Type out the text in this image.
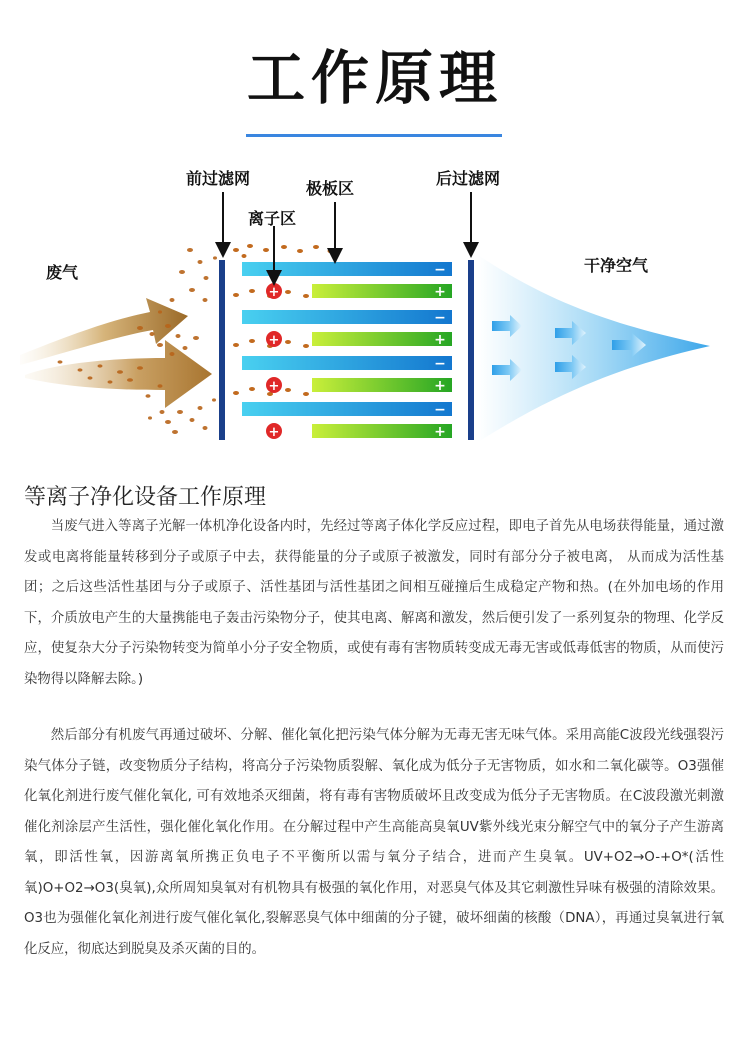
工作原理
−
+
−
+
−
+
−
+
+
+
+
+
前过滤网
极板区
离子区
后过滤网
废气	干净空气
等离子净化设备工作原理
当废气进入等离子光解一体机净化设备内时，先经过等离子体化学反应过程，即电子首先从电场获得能量，通过激发或电离将能量转移到分子或原子中去，获得能量的分子或原子被激发，同时有部分分子被电离， 从而成为活性基团；之后这些活性基团与分子或原子、活性基团与活性基团之间相互碰撞后生成稳定产物和热。(在外加电场的作用下，介质放电产生的大量携能电子轰击污染物分子，使其电离、解离和激发，然后便引发了一系列复杂的物理、化学反应，使复杂大分子污染物转变为简单小分子安全物质，或使有毒有害物质转变成无毒无害或低毒低害的物质，从而使污染物得以降解去除。)
然后部分有机废气再通过破坏、分解、催化氧化把污染气体分解为无毒无害无味气体。采用高能C波段光线强裂污染气体分子链，改变物质分子结构，将高分子污染物质裂解、氧化成为低分子无害物质，如水和二氧化碳等。O3强催化氧化剂进行废气催化氧化, 可有效地杀灭细菌，将有毒有害物质破坏且改变成为低分子无害物质。在C波段激光刺激催化剂涂层产生活性，强化催化氧化作用。在分解过程中产生高能高臭氧UV紫外线光束分解空气中的氧分子产生游离氧，即活性氧，因游离氧所携正负电子不平衡所以需与氧分子结合，进而产生臭氧。UV+O2→O-+O*(活性氧)O+O2→O3(臭氧),众所周知臭氧对有机物具有极强的氧化作用，对恶臭气体及其它刺激性异味有极强的清除效果。O3也为强催化氧化剂进行废气催化氧化,裂解恶臭气体中细菌的分子键，破坏细菌的核酸（DNA），再通过臭氧进行氧化反应，彻底达到脱臭及杀灭菌的目的。
